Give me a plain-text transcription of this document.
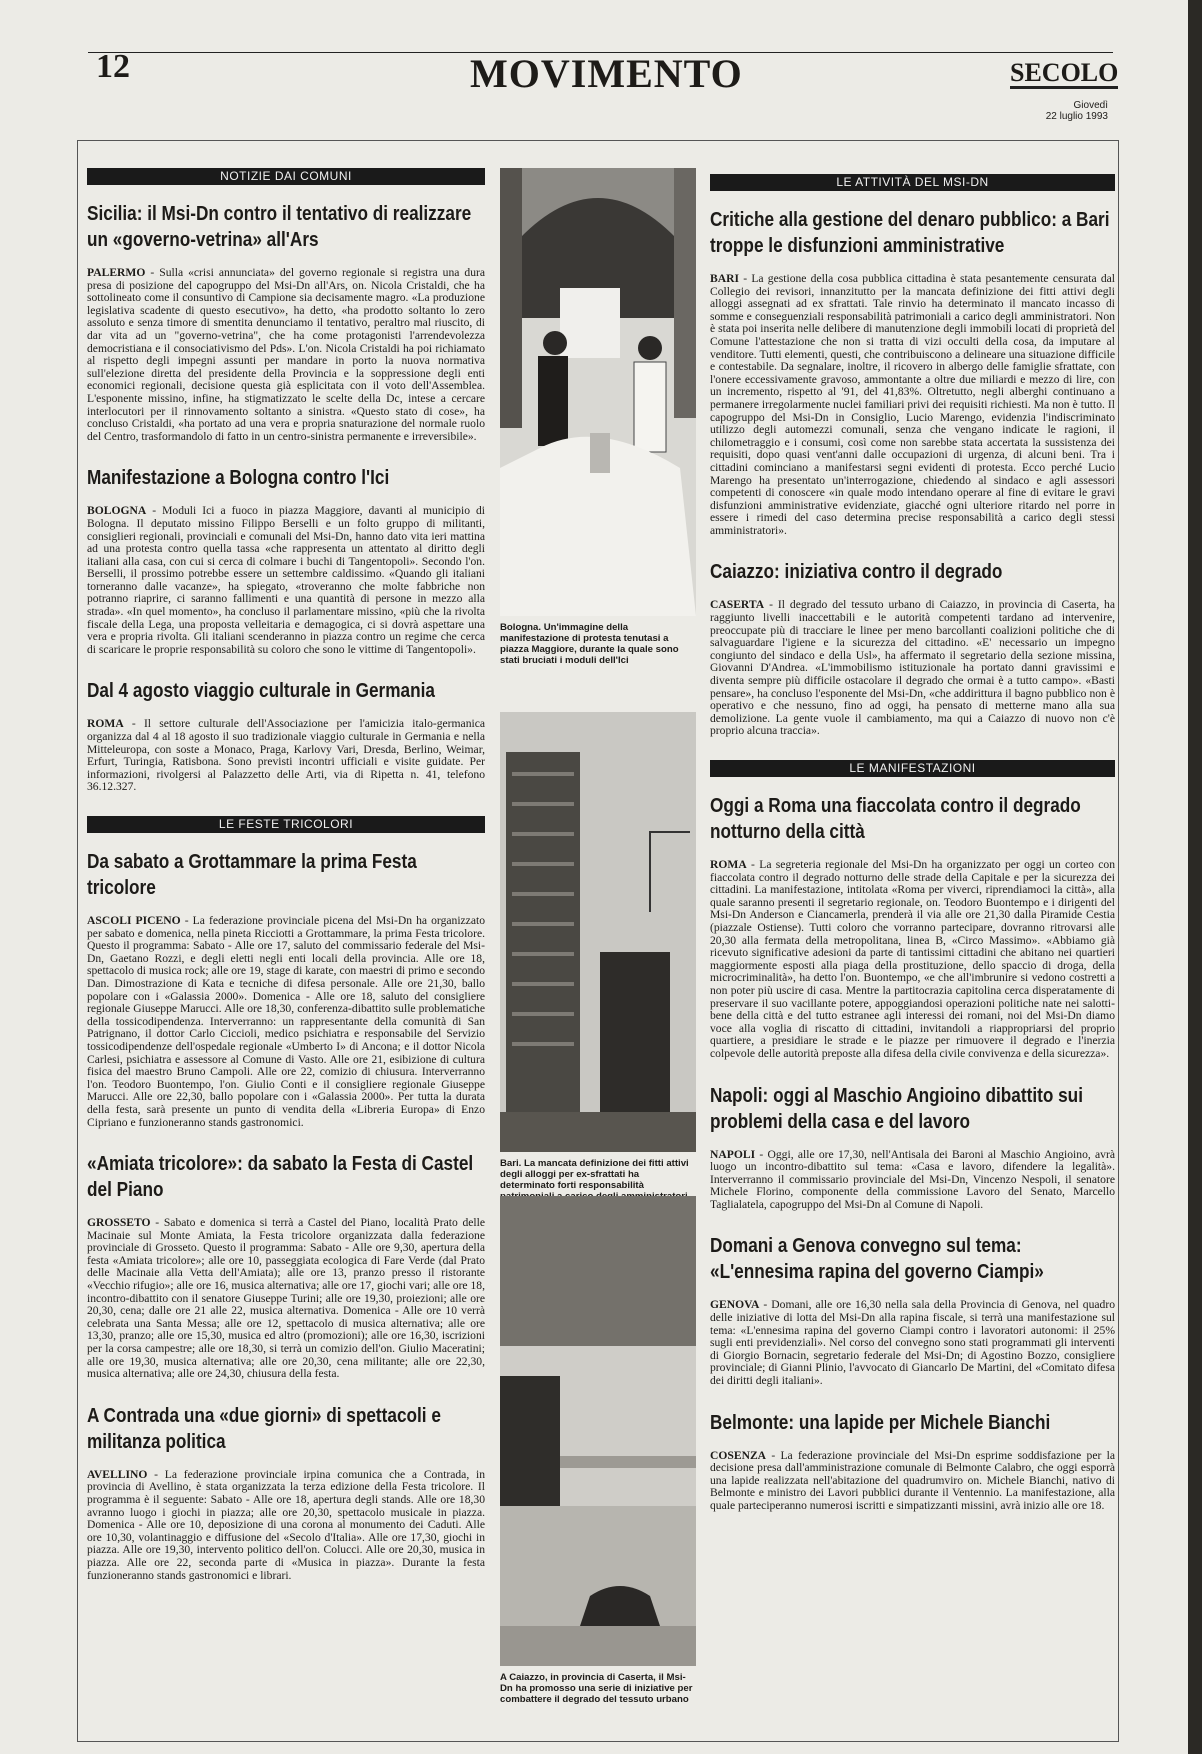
12	MOVIMENTO	SECOLO
Giovedì
22 luglio 1993
NOTIZIE DAI COMUNI
Sicilia: il Msi-Dn contro il tentativo di realizzare un «governo-vetrina» all'Ars

PALERMO - Sulla «crisi annunciata» del governo regionale si registra una dura presa di posizione del capogruppo del Msi-Dn all'Ars, on. Nicola Cristaldi, che ha sottolineato come il consuntivo di Campione sia decisamente magro. «La produzione legislativa scadente di questo esecutivo», ha detto, «ha prodotto soltanto lo zero assoluto e senza timore di smentita denunciamo il tentativo, peraltro mal riuscito, di dar vita ad un "governo-vetrina", che ha come protagonisti l'arrendevolezza democristiana e il consociativismo del Pds». L'on. Nicola Cristaldi ha poi richiamato al rispetto degli impegni assunti per mandare in porto la nuova normativa sull'elezione diretta del presidente della Provincia e la soppressione degli enti economici regionali, decisione questa già esplicitata con il voto dell'Assemblea. L'esponente missino, infine, ha stigmatizzato le scelte della Dc, intese a cercare interlocutori per il rinnovamento soltanto a sinistra. «Questo stato di cose», ha concluso Cristaldi, «ha portato ad una vera e propria snaturazione del normale ruolo del Centro, trasformandolo di fatto in un centro-sinistra permanente e irreversibile».

Manifestazione a Bologna contro l'Ici

BOLOGNA - Moduli Ici a fuoco in piazza Maggiore, davanti al municipio di Bologna. Il deputato missino Filippo Berselli e un folto gruppo di militanti, consiglieri regionali, provinciali e comunali del Msi-Dn, hanno dato vita ieri mattina ad una protesta contro quella tassa «che rappresenta un attentato al diritto degli italiani alla casa, con cui si cerca di colmare i buchi di Tangentopoli». Secondo l'on. Berselli, il prossimo potrebbe essere un settembre caldissimo. «Quando gli italiani torneranno dalle vacanze», ha spiegato, «troveranno che molte fabbriche non potranno riaprire, ci saranno fallimenti e una quantità di persone in mezzo alla strada». «In quel momento», ha concluso il parlamentare missino, «più che la rivolta fiscale della Lega, una proposta velleitaria e demagogica, ci si dovrà aspettare una vera e propria rivolta. Gli italiani scenderanno in piazza contro un regime che cerca di scaricare le proprie responsabilità su coloro che sono le vittime di Tangentopoli».

Dal 4 agosto viaggio culturale in Germania

ROMA - Il settore culturale dell'Associazione per l'amicizia italo-germanica organizza dal 4 al 18 agosto il suo tradizionale viaggio culturale in Germania e nella Mitteleuropa, con soste a Monaco, Praga, Karlovy Vari, Dresda, Berlino, Weimar, Erfurt, Turingia, Ratisbona. Sono previsti incontri ufficiali e visite guidate. Per informazioni, rivolgersi al Palazzetto delle Arti, via di Ripetta n. 41, telefono 36.12.327.

LE FESTE TRICOLORI
Da sabato a Grottammare la prima Festa tricolore

ASCOLI PICENO - La federazione provinciale picena del Msi-Dn ha organizzato per sabato e domenica, nella pineta Ricciotti a Grottammare, la prima Festa tricolore. Questo il programma: Sabato - Alle ore 17, saluto del commissario federale del Msi-Dn, Gaetano Rozzi, e degli eletti negli enti locali della provincia. Alle ore 18, spettacolo di musica rock; alle ore 19, stage di karate, con maestri di primo e secondo Dan. Dimostrazione di Kata e tecniche di difesa personale. Alle ore 21,30, ballo popolare con i «Galassia 2000». Domenica - Alle ore 18, saluto del consigliere regionale Giuseppe Marucci. Alle ore 18,30, conferenza-dibattito sulle problematiche della tossicodipendenza. Interverranno: un rappresentante della comunità di San Patrignano, il dottor Carlo Ciccioli, medico psichiatra e responsabile del Servizio tossicodipendenze dell'ospedale regionale «Umberto I» di Ancona; e il dottor Nicola Carlesi, psichiatra e assessore al Comune di Vasto. Alle ore 21, esibizione di cultura fisica del maestro Bruno Campoli. Alle ore 22, comizio di chiusura. Interverranno l'on. Teodoro Buontempo, l'on. Giulio Conti e il consigliere regionale Giuseppe Marucci. Alle ore 22,30, ballo popolare con i «Galassia 2000». Per tutta la durata della festa, sarà presente un punto di vendita della «Libreria Europa» di Enzo Cipriano e funzioneranno stands gastronomici.

«Amiata tricolore»: da sabato la Festa di Castel del Piano

GROSSETO - Sabato e domenica si terrà a Castel del Piano, località Prato delle Macinaie sul Monte Amiata, la Festa tricolore organizzata dalla federazione provinciale di Grosseto. Questo il programma: Sabato - Alle ore 9,30, apertura della festa «Amiata tricolore»; alle ore 10, passeggiata ecologica di Fare Verde (dal Prato delle Macinaie alla Vetta dell'Amiata); alle ore 13, pranzo presso il ristorante «Vecchio rifugio»; alle ore 16, musica alternativa; alle ore 17, giochi vari; alle ore 18, incontro-dibattito con il senatore Giuseppe Turini; alle ore 19,30, proiezioni; alle ore 20,30, cena; dalle ore 21 alle 22, musica alternativa. Domenica - Alle ore 10 verrà celebrata una Santa Messa; alle ore 12, spettacolo di musica alternativa; alle ore 13,30, pranzo; alle ore 15,30, musica ed altro (promozioni); alle ore 16,30, iscrizioni per la corsa campestre; alle ore 18,30, si terrà un comizio dell'on. Giulio Maceratini; alle ore 19,30, musica alternativa; alle ore 20,30, cena militante; alle ore 22,30, musica alternativa; alle ore 24,30, chiusura della festa.

A Contrada una «due giorni» di spettacoli e militanza politica

AVELLINO - La federazione provinciale irpina comunica che a Contrada, in provincia di Avellino, è stata organizzata la terza edizione della Festa tricolore. Il programma è il seguente: Sabato - Alle ore 18, apertura degli stands. Alle ore 18,30 avranno luogo i giochi in piazza; alle ore 20,30, spettacolo musicale in piazza. Domenica - Alle ore 10, deposizione di una corona al monumento dei Caduti. Alle ore 10,30, volantinaggio e diffusione del «Secolo d'Italia». Alle ore 17,30, giochi in piazza. Alle ore 19,30, intervento politico dell'on. Colucci. Alle ore 20,30, musica in piazza. Alle ore 22, seconda parte di «Musica in piazza». Durante la festa funzioneranno stands gastronomici e librari.

Bologna. Un'immagine della manifestazione di protesta tenutasi a piazza Maggiore, durante la quale sono stati bruciati i moduli dell'Ici
Bari. La mancata definizione dei fitti attivi degli alloggi per ex-sfrattati ha determinato forti responsabilità
A Caiazzo, in provincia di Caserta, il Msi-Dn ha promosso una serie di iniziative per combattere il degrado del tessuto urbano
LE ATTIVITÀ DEL MSI-DN
Critiche alla gestione del denaro pubblico: a Bari troppe le disfunzioni amministrative

BARI - La gestione della cosa pubblica cittadina è stata pesantemente censurata dal Collegio dei revisori, innanzitutto per la mancata definizione dei fitti attivi degli alloggi assegnati ad ex sfrattati. Tale rinvio ha determinato il mancato incasso di somme e conseguenziali responsabilità patrimoniali a carico degli amministratori. Non è stata poi inserita nelle delibere di manutenzione degli immobili locati di proprietà del Comune l'attestazione che non si tratta di vizi occulti della cosa, da imputare al venditore. Tutti elementi, questi, che contribuiscono a delineare una situazione difficile e contestabile. Da segnalare, inoltre, il ricovero in albergo delle famiglie sfrattate, con l'onere eccessivamente gravoso, ammontante a oltre due miliardi e mezzo di lire, con un incremento, rispetto al '91, del 41,83%. Oltretutto, negli alberghi continuano a permanere irregolarmente nuclei familiari privi dei requisiti richiesti. Ma non è tutto. Il capogruppo del Msi-Dn in Consiglio, Lucio Marengo, evidenzia l'indiscriminato utilizzo degli automezzi comunali, senza che vengano indicate le ragioni, il chilometraggio e i consumi, così come non sarebbe stata accertata la sussistenza dei requisiti, dopo quasi vent'anni dalle occupazioni di urgenza, di alcuni beni. Tra i cittadini cominciano a manifestarsi segni evidenti di protesta. Ecco perché Lucio Marengo ha presentato un'interrogazione, chiedendo al sindaco e agli assessori competenti di conoscere «in quale modo intendano operare al fine di evitare le gravi disfunzioni amministrative evidenziate, giacché ogni ulteriore ritardo nel porre in essere i rimedi del caso determina precise responsabilità a carico degli stessi amministratori».

Caiazzo: iniziativa contro il degrado

CASERTA - Il degrado del tessuto urbano di Caiazzo, in provincia di Caserta, ha raggiunto livelli inaccettabili e le autorità competenti tardano ad intervenire, preoccupate più di tracciare le linee per meno barcollanti coalizioni politiche che di salvaguardare l'igiene e la sicurezza del cittadino. «E' necessario un impegno congiunto del sindaco e della Usl», ha affermato il segretario della sezione missina, Giovanni D'Andrea. «L'immobilismo istituzionale ha portato danni gravissimi e diventa sempre più difficile ostacolare il degrado che ormai è a tutto campo». «Basti pensare», ha concluso l'esponente del Msi-Dn, «che addirittura il bagno pubblico non è operativo e che nessuno, fino ad oggi, ha pensato di metterne mano alla sua demolizione. La gente vuole il cambiamento, ma qui a Caiazzo di nuovo non c'è proprio alcuna traccia».

LE MANIFESTAZIONI
Oggi a Roma una fiaccolata contro il degrado notturno della città

ROMA - La segreteria regionale del Msi-Dn ha organizzato per oggi un corteo con fiaccolata contro il degrado notturno delle strade della Capitale e per la sicurezza dei cittadini. La manifestazione, intitolata «Roma per viverci, riprendiamoci la città», alla quale saranno presenti il segretario regionale, on. Teodoro Buontempo e i dirigenti del Msi-Dn Anderson e Ciancamerla, prenderà il via alle ore 21,30 dalla Piramide Cestia (piazzale Ostiense). Tutti coloro che vorranno partecipare, dovranno ritrovarsi alle 20,30 alla fermata della metropolitana, linea B, «Circo Massimo». «Abbiamo già ricevuto significative adesioni da parte di tantissimi cittadini che abitano nei quartieri maggiormente esposti alla piaga della prostituzione, dello spaccio di droga, della microcriminalità», ha detto l'on. Buontempo, «e che all'imbrunire si vedono costretti a non poter più uscire di casa. Mentre la partitocrazia capitolina cerca disperatamente di preservare il suo vacillante potere, appoggiandosi operazioni politiche nate nei salotti-bene della città e del tutto estranee agli interessi dei romani, noi del Msi-Dn diamo voce alla voglia di riscatto di cittadini, invitandoli a riappropriarsi del proprio quartiere, a presidiare le strade e le piazze per rimuovere il degrado e l'inerzia colpevole delle autorità preposte alla difesa della civile convivenza e della sicurezza».

Napoli: oggi al Maschio Angioino dibattito sui problemi della casa e del lavoro

NAPOLI - Oggi, alle ore 17,30, nell'Antisala dei Baroni al Maschio Angioino, avrà luogo un incontro-dibattito sul tema: «Casa e lavoro, difendere la legalità». Interverranno il commissario provinciale del Msi-Dn, Vincenzo Nespoli, il senatore Michele Florino, componente della commissione Lavoro del Senato, Marcello Taglialatela, capogruppo del Msi-Dn al Comune di Napoli.

Domani a Genova convegno sul tema: «L'ennesima rapina del governo Ciampi»

GENOVA - Domani, alle ore 16,30 nella sala della Provincia di Genova, nel quadro delle iniziative di lotta del Msi-Dn alla rapina fiscale, si terrà una manifestazione sul tema: «L'ennesima rapina del governo Ciampi contro i lavoratori autonomi: il 25% sugli enti previdenziali». Nel corso del convegno sono stati programmati gli interventi di Giorgio Bornacin, segretario federale del Msi-Dn; di Agostino Bozzo, consigliere provinciale; di Gianni Plinio, l'avvocato di Giancarlo De Martini, del «Comitato difesa dei diritti degli italiani».

Belmonte: una lapide per Michele Bianchi

COSENZA - La federazione provinciale del Msi-Dn esprime soddisfazione per la decisione presa dall'amministrazione comunale di Belmonte Calabro, che oggi esporrà una lapide realizzata nell'abitazione del quadrumviro on. Michele Bianchi, nativo di Belmonte e ministro dei Lavori pubblici durante il Ventennio. La manifestazione, alla quale parteciperanno numerosi iscritti e simpatizzanti missini, avrà inizio alle ore 18.
